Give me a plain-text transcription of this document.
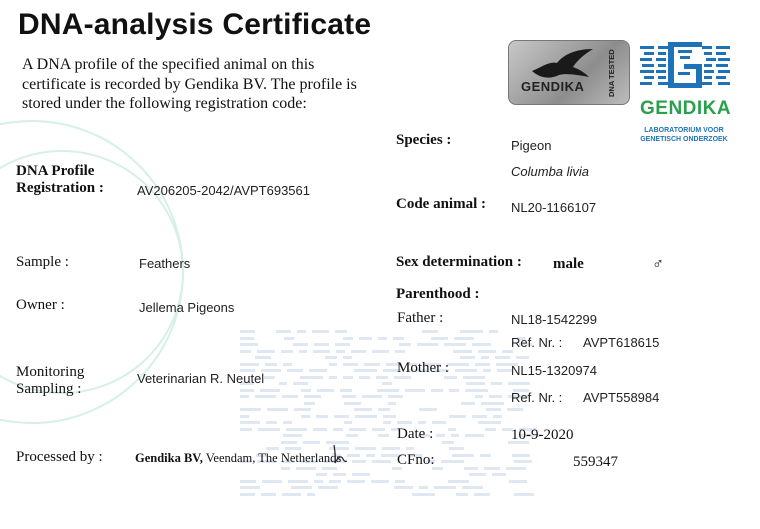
DNA-analysis Certificate
A DNA profile of the specified animal on this certificate is recorded by Gendika BV. The profile is stored under the following registration code:
GENDIKA	DNA TESTED
GENDIKA
LABORATORIUM VOOR GENETISCH ONDERZOEK
DNA Profile
Registration :	AV206205-2042/AVPT693561
Sample :	Feathers
Owner :	Jellema Pigeons
Monitoring
Sampling :
Veterinarian R. Neutel
Processed by :	Gendika BV, Veendam, The Netherlands
Species :	Pigeon
Columba livia
Code animal : NL20-1166107
Sex determination : male	♂
Parenthood :
Father :	NL18-1542299
Ref. Nr. : AVPT618615
Mother :	NL15-1320974
Ref. Nr. : AVPT558984
Date :	10-9-2020
CFno:	559347
